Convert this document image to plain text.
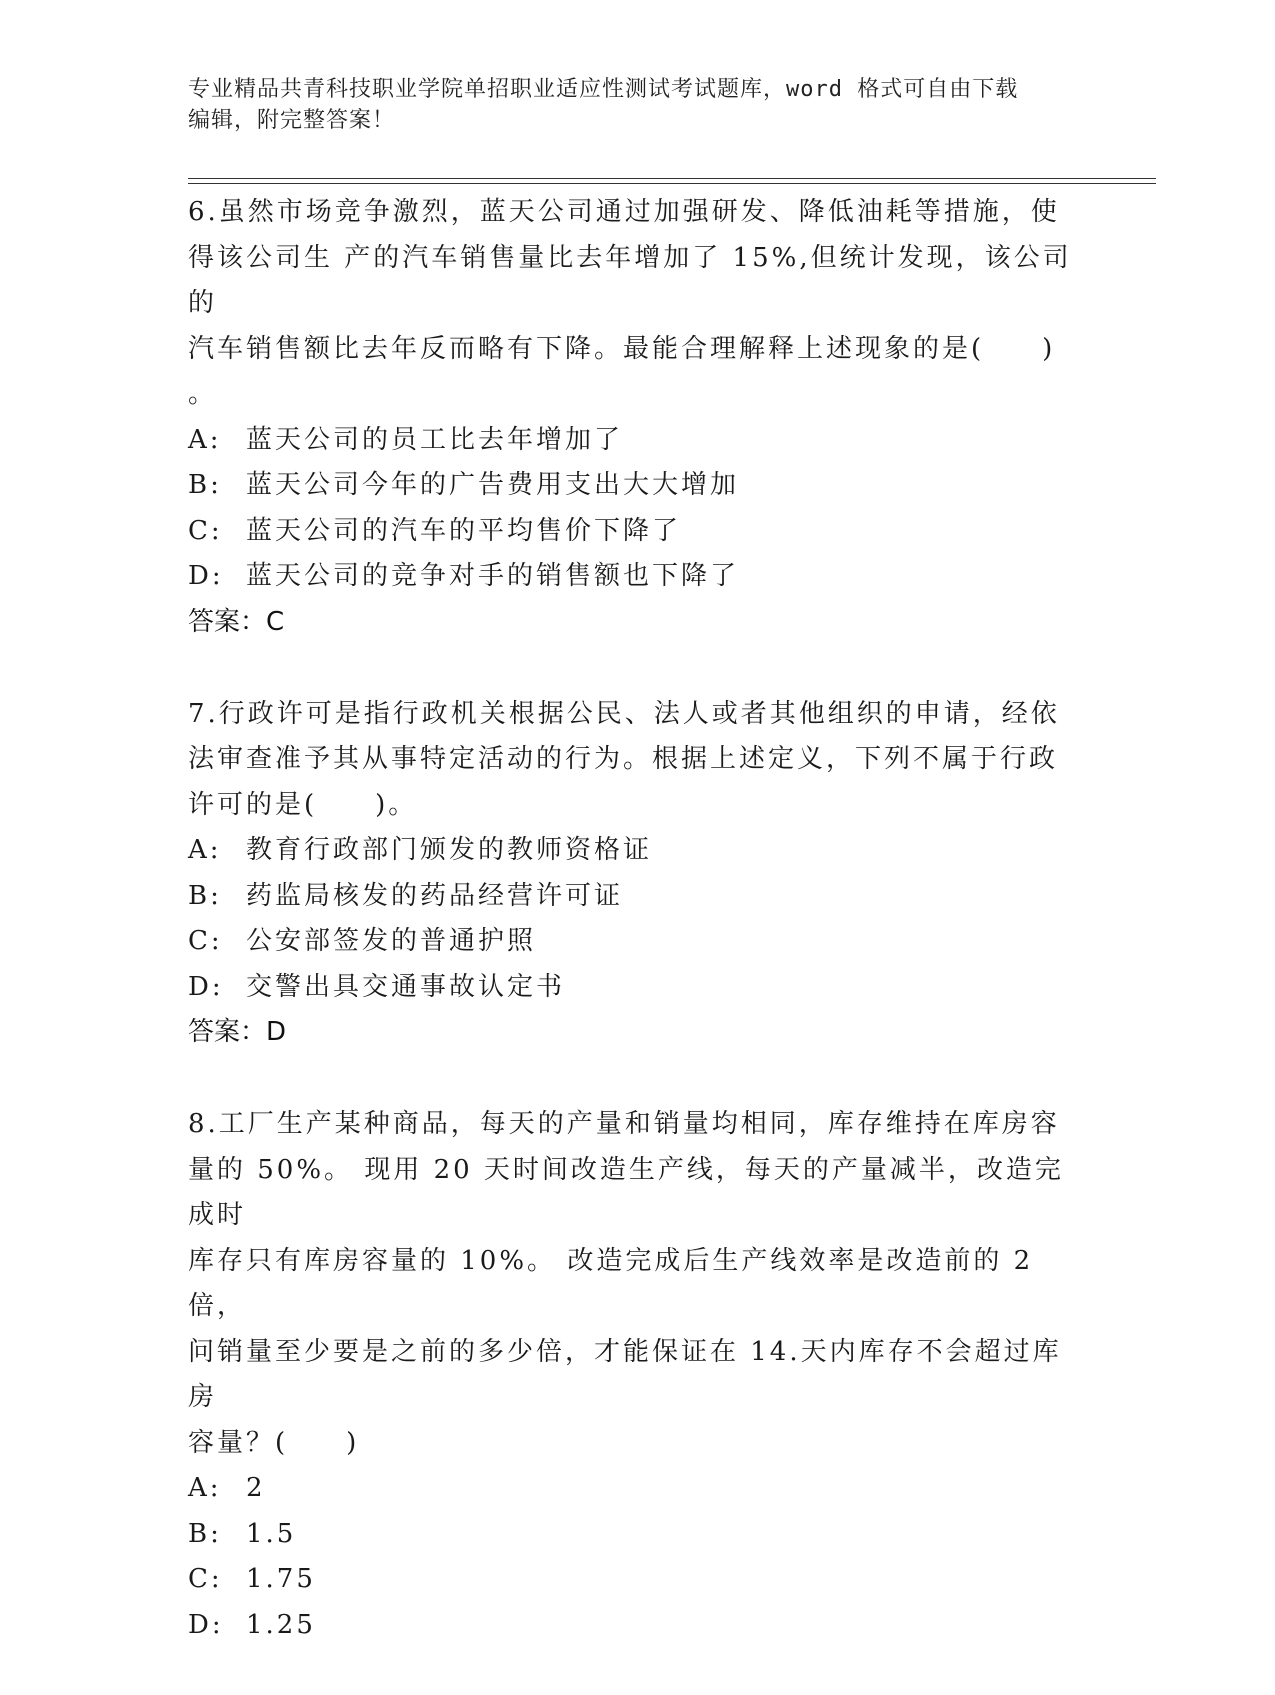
专业精品共青科技职业学院单招职业适应性测试考试题库，word 格式可自由下载
编辑，附完整答案！

6.虽然市场竞争激烈，蓝天公司通过加强研发、降低油耗等措施，使

得该公司生 产的汽车销售量比去年增加了 15%,但统计发现，该公司的

汽车销售额比去年反而略有下降。最能合理解释上述现象的是(　　)

。

A: 蓝天公司的员工比去年增加了
B: 蓝天公司今年的广告费用支出大大增加
C: 蓝天公司的汽车的平均售价下降了
D: 蓝天公司的竞争对手的销售额也下降了

答案：C

7.行政许可是指行政机关根据公民、法人或者其他组织的申请，经依

法审查准予其从事特定活动的行为。根据上述定义，下列不属于行政

许可的是(　　)。

A: 教育行政部门颁发的教师资格证
B: 药监局核发的药品经营许可证
C: 公安部签发的普通护照
D: 交警出具交通事故认定书

答案：D

8.工厂生产某种商品，每天的产量和销量均相同，库存维持在库房容

量的 50%。 现用 20 天时间改造生产线，每天的产量减半，改造完成时

库存只有库房容量的 10%。 改造完成后生产线效率是改造前的 2 倍，

问销量至少要是之前的多少倍，才能保证在 14.天内库存不会超过库房

容量？(　　)

A: 2
B: 1.5
C: 1.75
D: 1.25
